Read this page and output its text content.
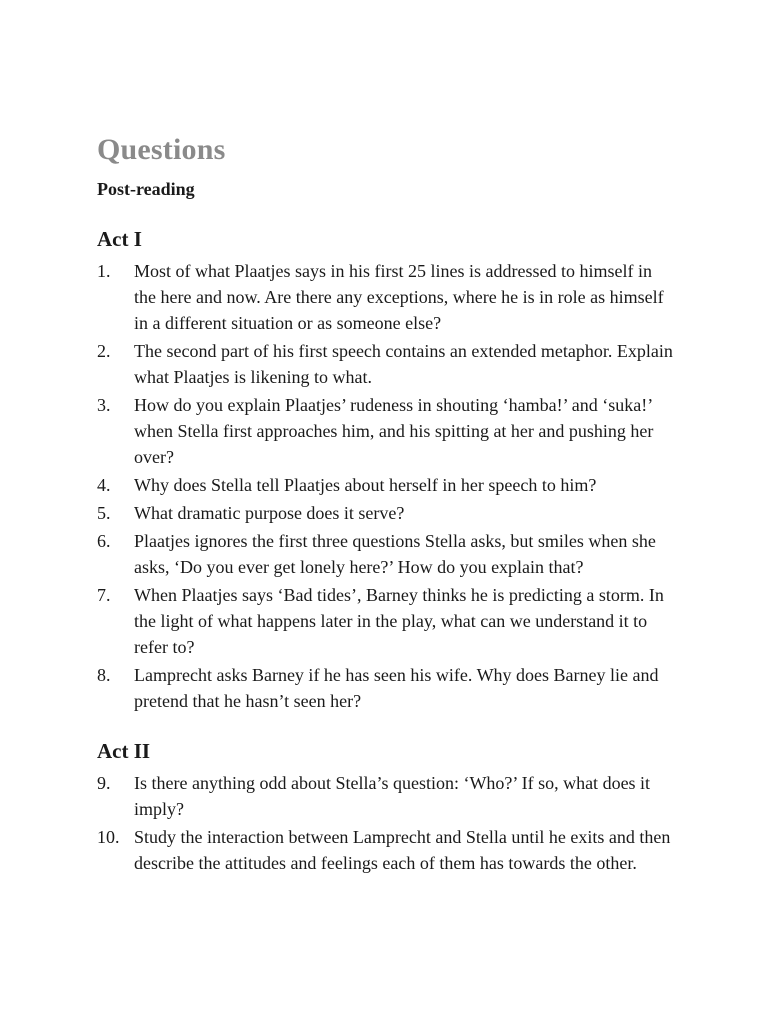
Questions
Post-reading
Act I
1.	Most of what Plaatjes says in his first 25 lines is addressed to himself in the here and now. Are there any exceptions, where he is in role as himself in a different situation or as someone else?
2.	The second part of his first speech contains an extended metaphor. Explain what Plaatjes is likening to what.
3.	How do you explain Plaatjes’ rudeness in shouting ‘hamba!’ and ‘suka!’ when Stella first approaches him, and his spitting at her and pushing her over?
4.	Why does Stella tell Plaatjes about herself in her speech to him?
5.	What dramatic purpose does it serve?
6.	Plaatjes ignores the first three questions Stella asks, but smiles when she asks, ‘Do you ever get lonely here?’ How do you explain that?
7.	When Plaatjes says ‘Bad tides’, Barney thinks he is predicting a storm. In the light of what happens later in the play, what can we understand it to refer to?
8.	Lamprecht asks Barney if he has seen his wife. Why does Barney lie and pretend that he hasn’t seen her?
Act II
9.	Is there anything odd about Stella’s question: ‘Who?’ If so, what does it imply?
10. Study the interaction between Lamprecht and Stella until he exits and then describe the attitudes and feelings each of them has towards the other.
